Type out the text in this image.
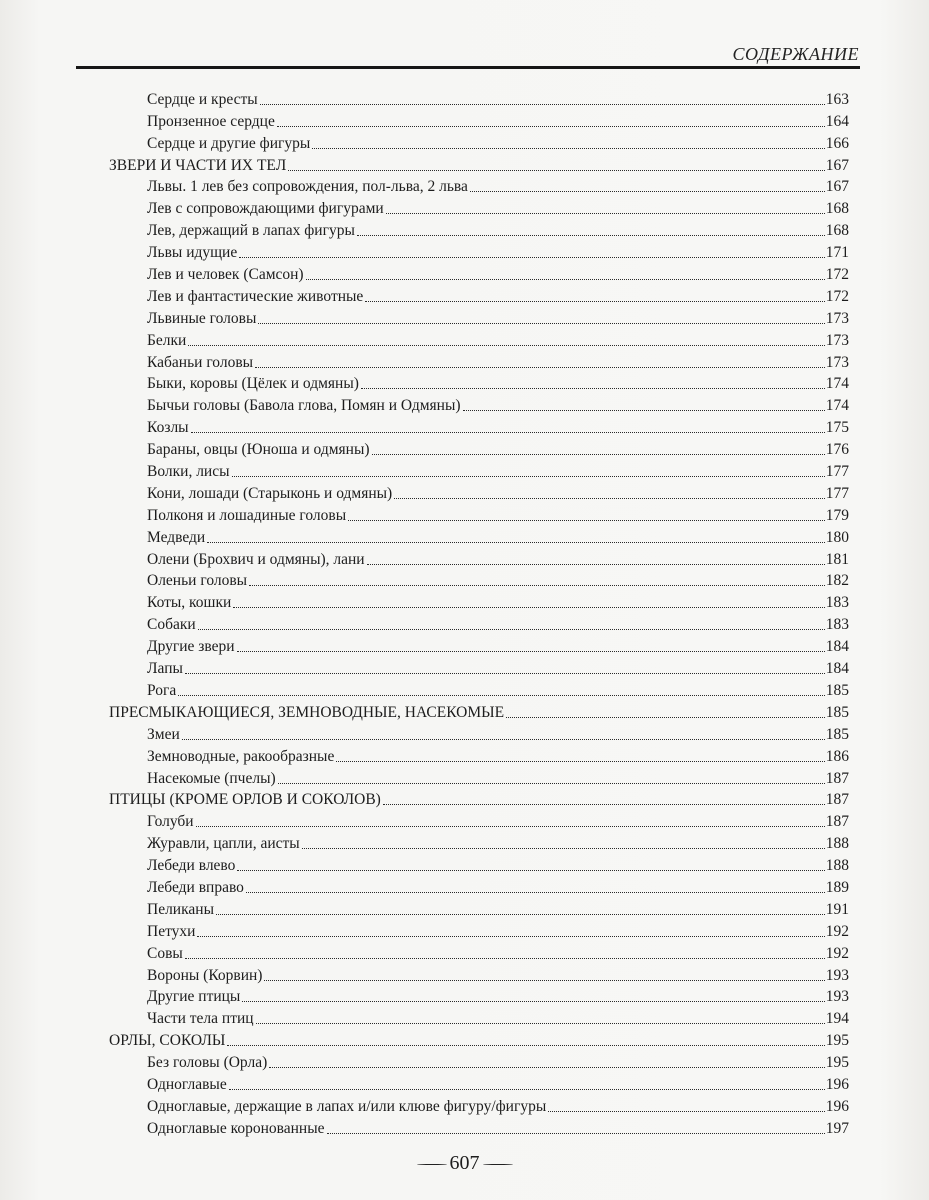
СОДЕРЖАНИЕ
Сердце и кресты	163
Пронзенное сердце	164
Сердце и другие фигуры	166
ЗВЕРИ И ЧАСТИ ИХ ТЕЛ	167
Львы. 1 лев без сопровождения, пол-льва, 2 льва	167
Лев с сопровождающими фигурами	168
Лев, держащий в лапах фигуры	168
Львы идущие	171
Лев и человек (Самсон)	172
Лев и фантастические животные	172
Львиные головы	173
Белки	173
Кабаньи головы	173
Быки, коровы (Цёлек и одмяны)	174
Бычьи головы (Бавола глова, Помян и Одмяны)	174
Козлы	175
Бараны, овцы (Юноша и одмяны)	176
Волки, лисы	177
Кони, лошади (Старыконь и одмяны)	177
Полконя и лошадиные головы	179
Медведи	180
Олени (Брохвич и одмяны), лани	181
Оленьи головы	182
Коты, кошки	183
Собаки	183
Другие звери	184
Лапы	184
Рога	185
ПРЕСМЫКАЮЩИЕСЯ, ЗЕМНОВОДНЫЕ, НАСЕКОМЫЕ	185
Змеи	185
Земноводные, ракообразные	186
Насекомые (пчелы)	187
ПТИЦЫ (КРОМЕ ОРЛОВ И СОКОЛОВ)	187
Голуби	187
Журавли, цапли, аисты	188
Лебеди влево	188
Лебеди вправо	189
Пеликаны	191
Петухи	192
Совы	192
Вороны (Корвин)	193
Другие птицы	193
Части тела птиц	194
ОРЛЫ, СОКОЛЫ	195
Без головы (Орла)	195
Одноглавые	196
Одноглавые, держащие в лапах и/или клюве фигуру/фигуры	196
Одноглавые коронованные	197
607
